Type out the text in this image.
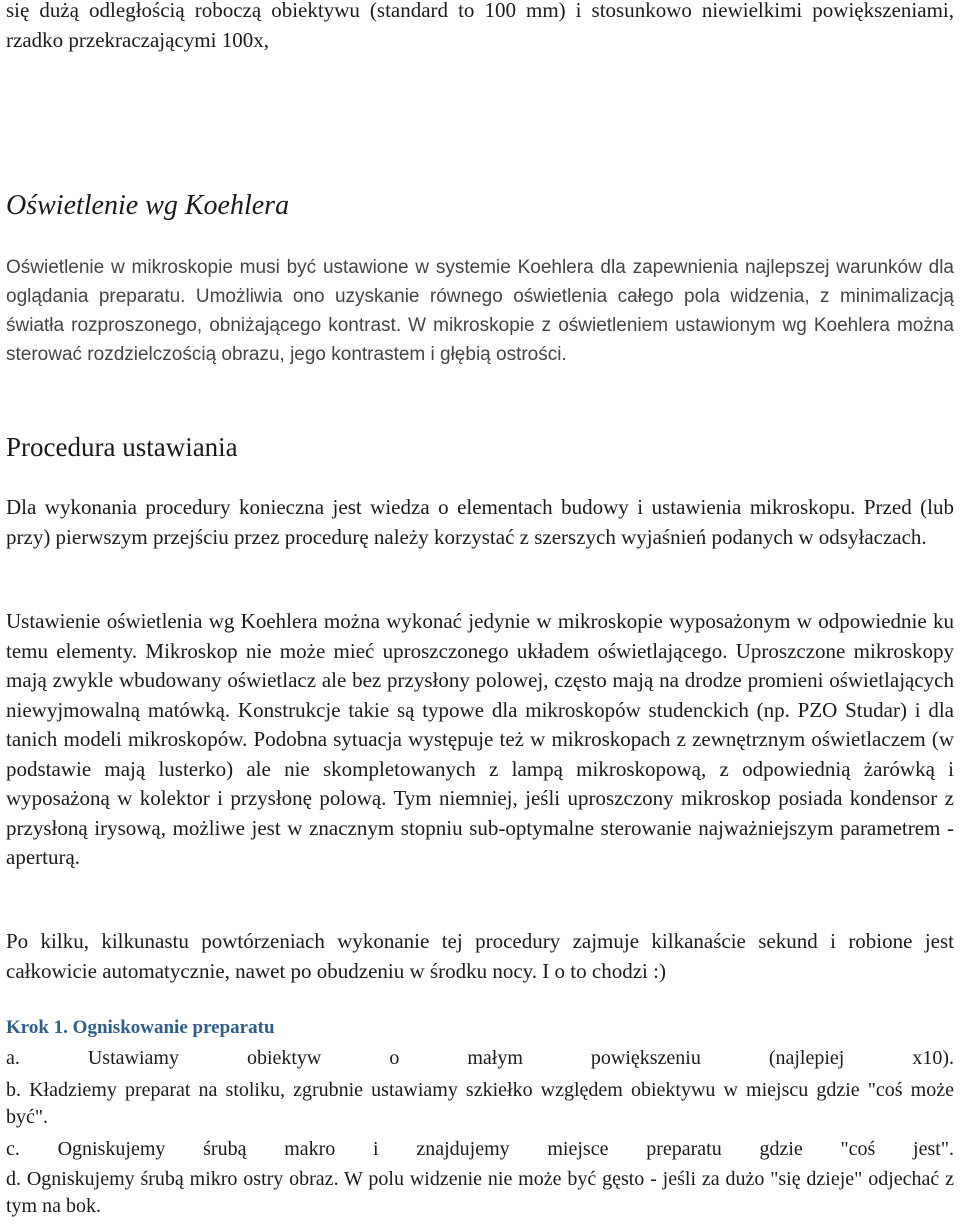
się dużą odległością roboczą obiektywu (standard to 100 mm) i stosunkowo niewielkimi powiększeniami, rzadko przekraczającymi 100x,

Oświetlenie wg Koehlera

Oświetlenie w mikroskopie musi być ustawione w systemie Koehlera dla zapewnienia najlepszej warunków dla oglądania preparatu. Umożliwia ono uzyskanie równego oświetlenia całego pola widzenia, z minimalizacją światła rozproszonego, obniżającego kontrast. W mikroskopie z oświetleniem ustawionym wg Koehlera można sterować rozdzielczością obrazu, jego kontrastem i głębią ostrości.

Procedura ustawiania

Dla wykonania procedury konieczna jest wiedza o elementach budowy i ustawienia mikroskopu. Przed (lub przy) pierwszym przejściu przez procedurę należy korzystać z szerszych wyjaśnień podanych w odsyłaczach.

Ustawienie oświetlenia wg Koehlera można wykonać jedynie w mikroskopie wyposażonym w odpowiednie ku temu elementy. Mikroskop nie może mieć uproszczonego układem oświetlającego. Uproszczone mikroskopy mają zwykle wbudowany oświetlacz ale bez przysłony polowej, często mają na drodze promieni oświetlających niewyjmowalną matówką. Konstrukcje takie są typowe dla mikroskopów studenckich (np. PZO Studar) i dla tanich modeli mikroskopów. Podobna sytuacja występuje też w mikroskopach z zewnętrznym oświetlaczem (w podstawie mają lusterko) ale nie skompletowanych z lampą mikroskopową, z odpowiednią żarówką i wyposażoną w kolektor i przysłonę polową. Tym niemniej, jeśli uproszczony mikroskop posiada kondensor z przysłoną irysową, możliwe jest w znacznym stopniu sub-optymalne sterowanie najważniejszym parametrem - aperturą.

Po kilku, kilkunastu powtórzeniach wykonanie tej procedury zajmuje kilkanaście sekund i robione jest całkowicie automatycznie, nawet po obudzeniu w środku nocy. I o to chodzi :)

Krok 1. Ogniskowanie preparatu

a. Ustawiamy obiektyw o małym powiększeniu (najlepiej x10).

b. Kładziemy preparat na stoliku, zgrubnie ustawiamy szkiełko względem obiektywu w miejscu gdzie "coś może być".

c. Ogniskujemy śrubą makro i znajdujemy miejsce preparatu gdzie "coś jest".

d. Ogniskujemy śrubą mikro ostry obraz. W polu widzenie nie może być gęsto - jeśli za dużo "się dzieje" odjechać z tym na bok.
